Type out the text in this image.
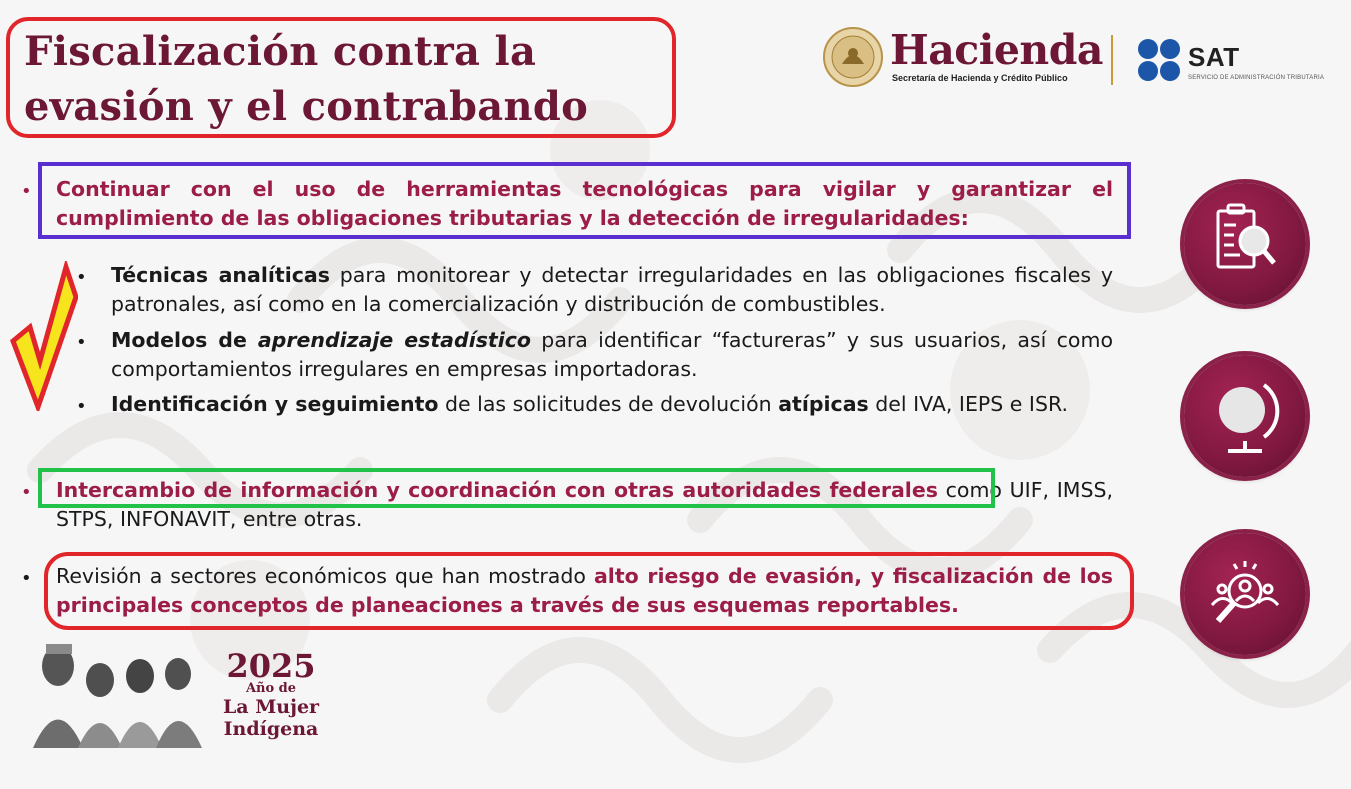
Fiscalización contra la
evasión y el contrabando
Hacienda
Secretaría de Hacienda y Crédito Público
SAT
SERVICIO DE ADMINISTRACIÓN TRIBUTARIA
• Continuar con el uso de herramientas tecnológicas para vigilar y garantizar el cumplimiento de las obligaciones tributarias y la detección de irregularidades:
• Técnicas analíticas para monitorear y detectar irregularidades en las obligaciones fiscales y patronales, así como en la comercialización y distribución de combustibles.
• Modelos de aprendizaje estadístico para identificar “factureras” y sus usuarios, así como comportamientos irregulares en empresas importadoras.
• Identificación y seguimiento de las solicitudes de devolución atípicas del IVA, IEPS e ISR.
• Intercambio de información y coordinación con otras autoridades federales como UIF, IMSS, STPS, INFONAVIT, entre otras.
• Revisión a sectores económicos que han mostrado alto riesgo de evasión, y fiscalización de los principales conceptos de planeaciones a través de sus esquemas reportables.
2025
Año de
La Mujer
Indígena
